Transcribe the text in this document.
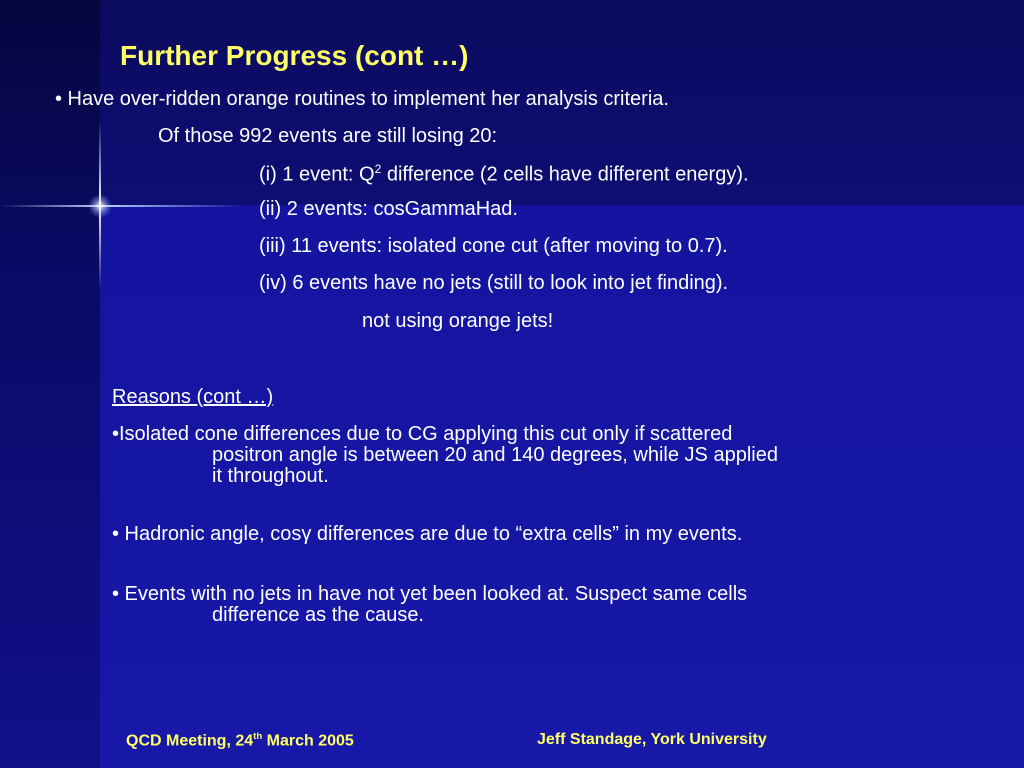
Further Progress (cont …)
• Have over-ridden orange routines to implement her analysis criteria.
Of those 992 events are still losing 20:
(i) 1 event: $Q^2$ difference (2 cells have different energy).
(ii) 2 events: cosGammaHad.
(iii) 11 events: isolated cone cut (after moving to 0.7).
(iv) 6 events have no jets (still to look into jet finding).
not using orange jets!
Reasons (cont …)
•Isolated cone differences due to CG applying this cut only if scattered
positron angle is between 20 and 140 degrees, while JS applied
it throughout.
• Hadronic angle, cosγ differences are due to “extra cells” in my events.
• Events with no jets in have not yet been looked at. Suspect same cells
difference as the cause.
QCD Meeting, 24th March 2005	Jeff Standage, York University
